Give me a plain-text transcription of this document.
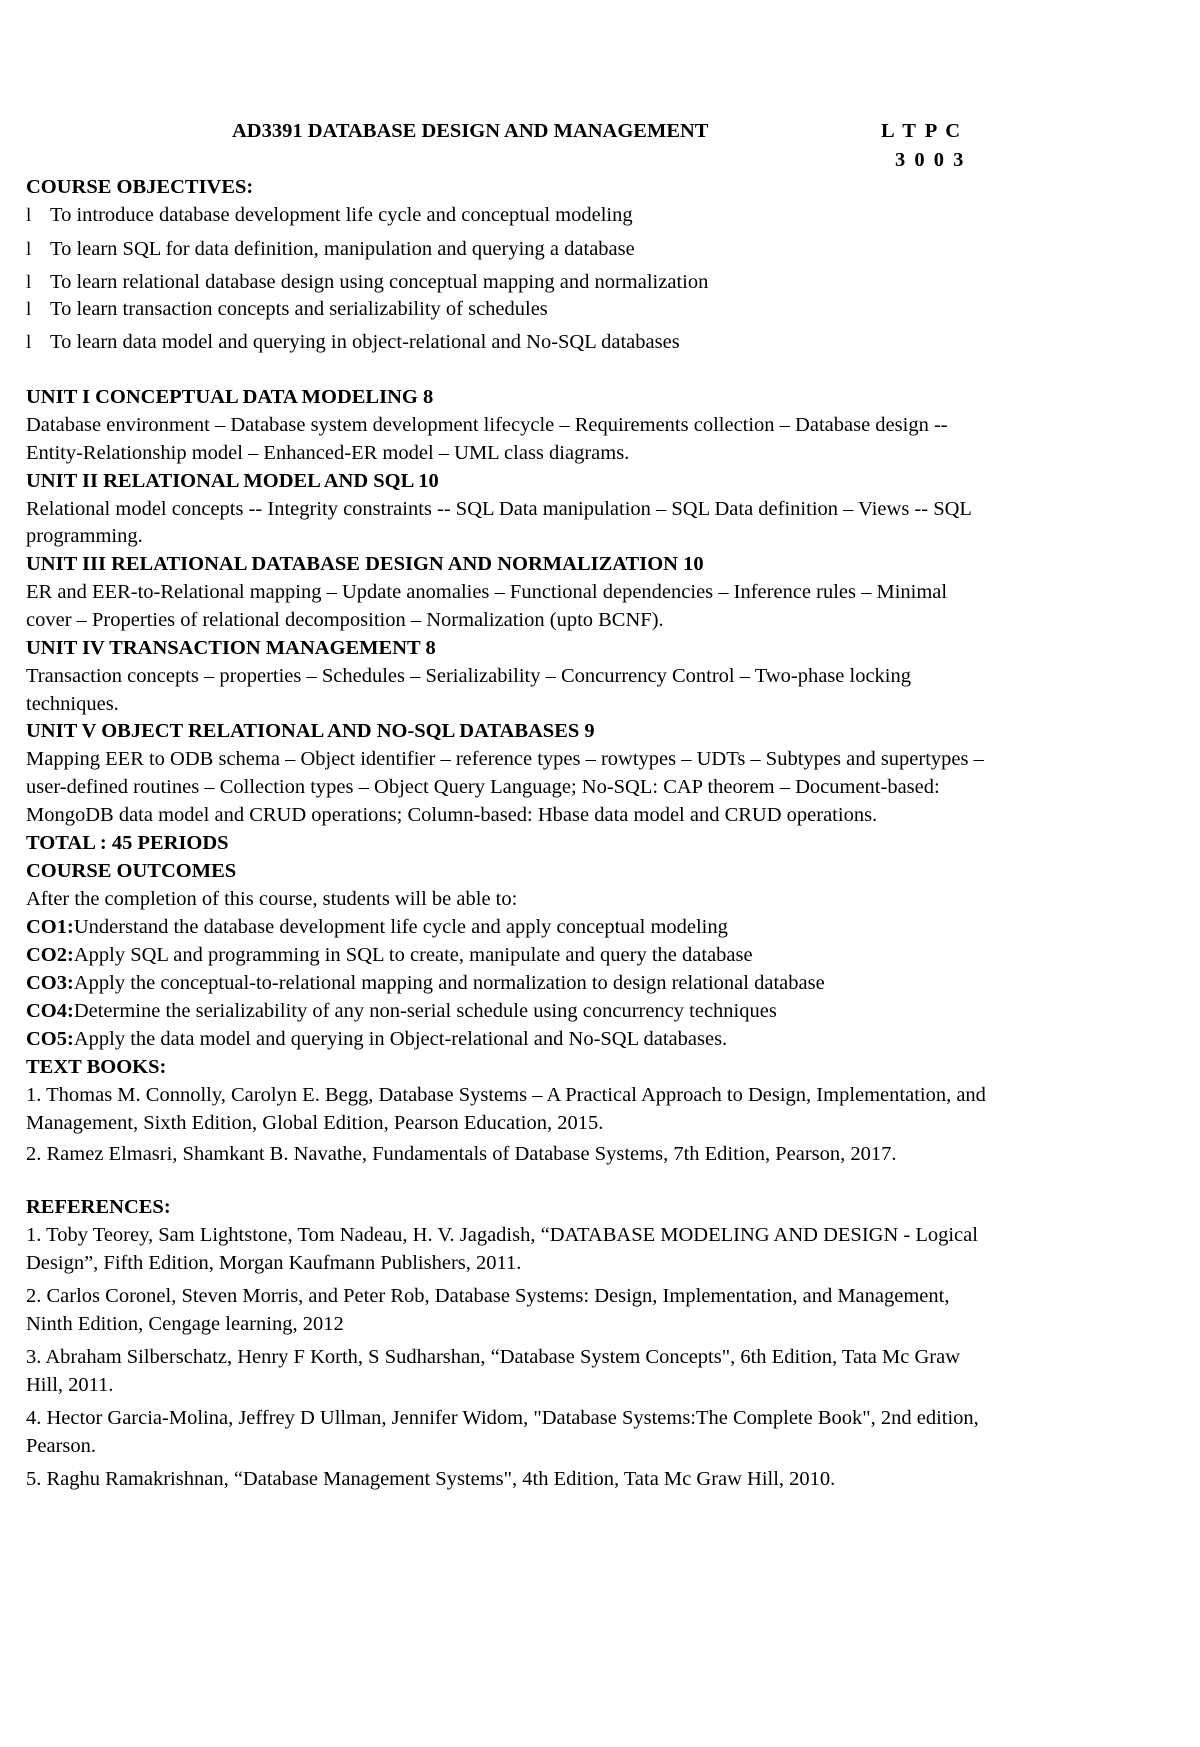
AD3391 DATABASE DESIGN AND MANAGEMENT	L T P C
3 0 0 3
COURSE OBJECTIVES:
l To introduce database development life cycle and conceptual modeling
l To learn SQL for data definition, manipulation and querying a database
l To learn relational database design using conceptual mapping and normalization
l To learn transaction concepts and serializability of schedules
l To learn data model and querying in object-relational and No-SQL databases
UNIT I CONCEPTUAL DATA MODELING 8
Database environment – Database system development lifecycle – Requirements collection – Database design --
Entity-Relationship model – Enhanced-ER model – UML class diagrams.
UNIT II RELATIONAL MODEL AND SQL 10
Relational model concepts -- Integrity constraints -- SQL Data manipulation – SQL Data definition – Views -- SQL
programming.
UNIT III RELATIONAL DATABASE DESIGN AND NORMALIZATION 10
ER and EER-to-Relational mapping – Update anomalies – Functional dependencies – Inference rules – Minimal
cover – Properties of relational decomposition – Normalization (upto BCNF).
UNIT IV TRANSACTION MANAGEMENT 8
Transaction concepts – properties – Schedules – Serializability – Concurrency Control – Two-phase locking
techniques.
UNIT V OBJECT RELATIONAL AND NO-SQL DATABASES 9
Mapping EER to ODB schema – Object identifier – reference types – rowtypes – UDTs – Subtypes and supertypes –
user-defined routines – Collection types – Object Query Language; No-SQL: CAP theorem – Document-based:
MongoDB data model and CRUD operations; Column-based: Hbase data model and CRUD operations.
TOTAL : 45 PERIODS
COURSE OUTCOMES
After the completion of this course, students will be able to:
CO1:Understand the database development life cycle and apply conceptual modeling
CO2:Apply SQL and programming in SQL to create, manipulate and query the database
CO3:Apply the conceptual-to-relational mapping and normalization to design relational database
CO4:Determine the serializability of any non-serial schedule using concurrency techniques
CO5:Apply the data model and querying in Object-relational and No-SQL databases.
TEXT BOOKS:
1. Thomas M. Connolly, Carolyn E. Begg, Database Systems – A Practical Approach to Design, Implementation, and
Management, Sixth Edition, Global Edition, Pearson Education, 2015.
2. Ramez Elmasri, Shamkant B. Navathe, Fundamentals of Database Systems, 7th Edition, Pearson, 2017.
REFERENCES:
1. Toby Teorey, Sam Lightstone, Tom Nadeau, H. V. Jagadish, “DATABASE MODELING AND DESIGN - Logical
Design”, Fifth Edition, Morgan Kaufmann Publishers, 2011.
2. Carlos Coronel, Steven Morris, and Peter Rob, Database Systems: Design, Implementation, and Management,
Ninth Edition, Cengage learning, 2012
3. Abraham Silberschatz, Henry F Korth, S Sudharshan, “Database System Concepts", 6th Edition, Tata Mc Graw
Hill, 2011.
4. Hector Garcia-Molina, Jeffrey D Ullman, Jennifer Widom, "Database Systems:The Complete Book", 2nd edition,
Pearson.
5. Raghu Ramakrishnan, “Database Management Systems", 4th Edition, Tata Mc Graw Hill, 2010.
